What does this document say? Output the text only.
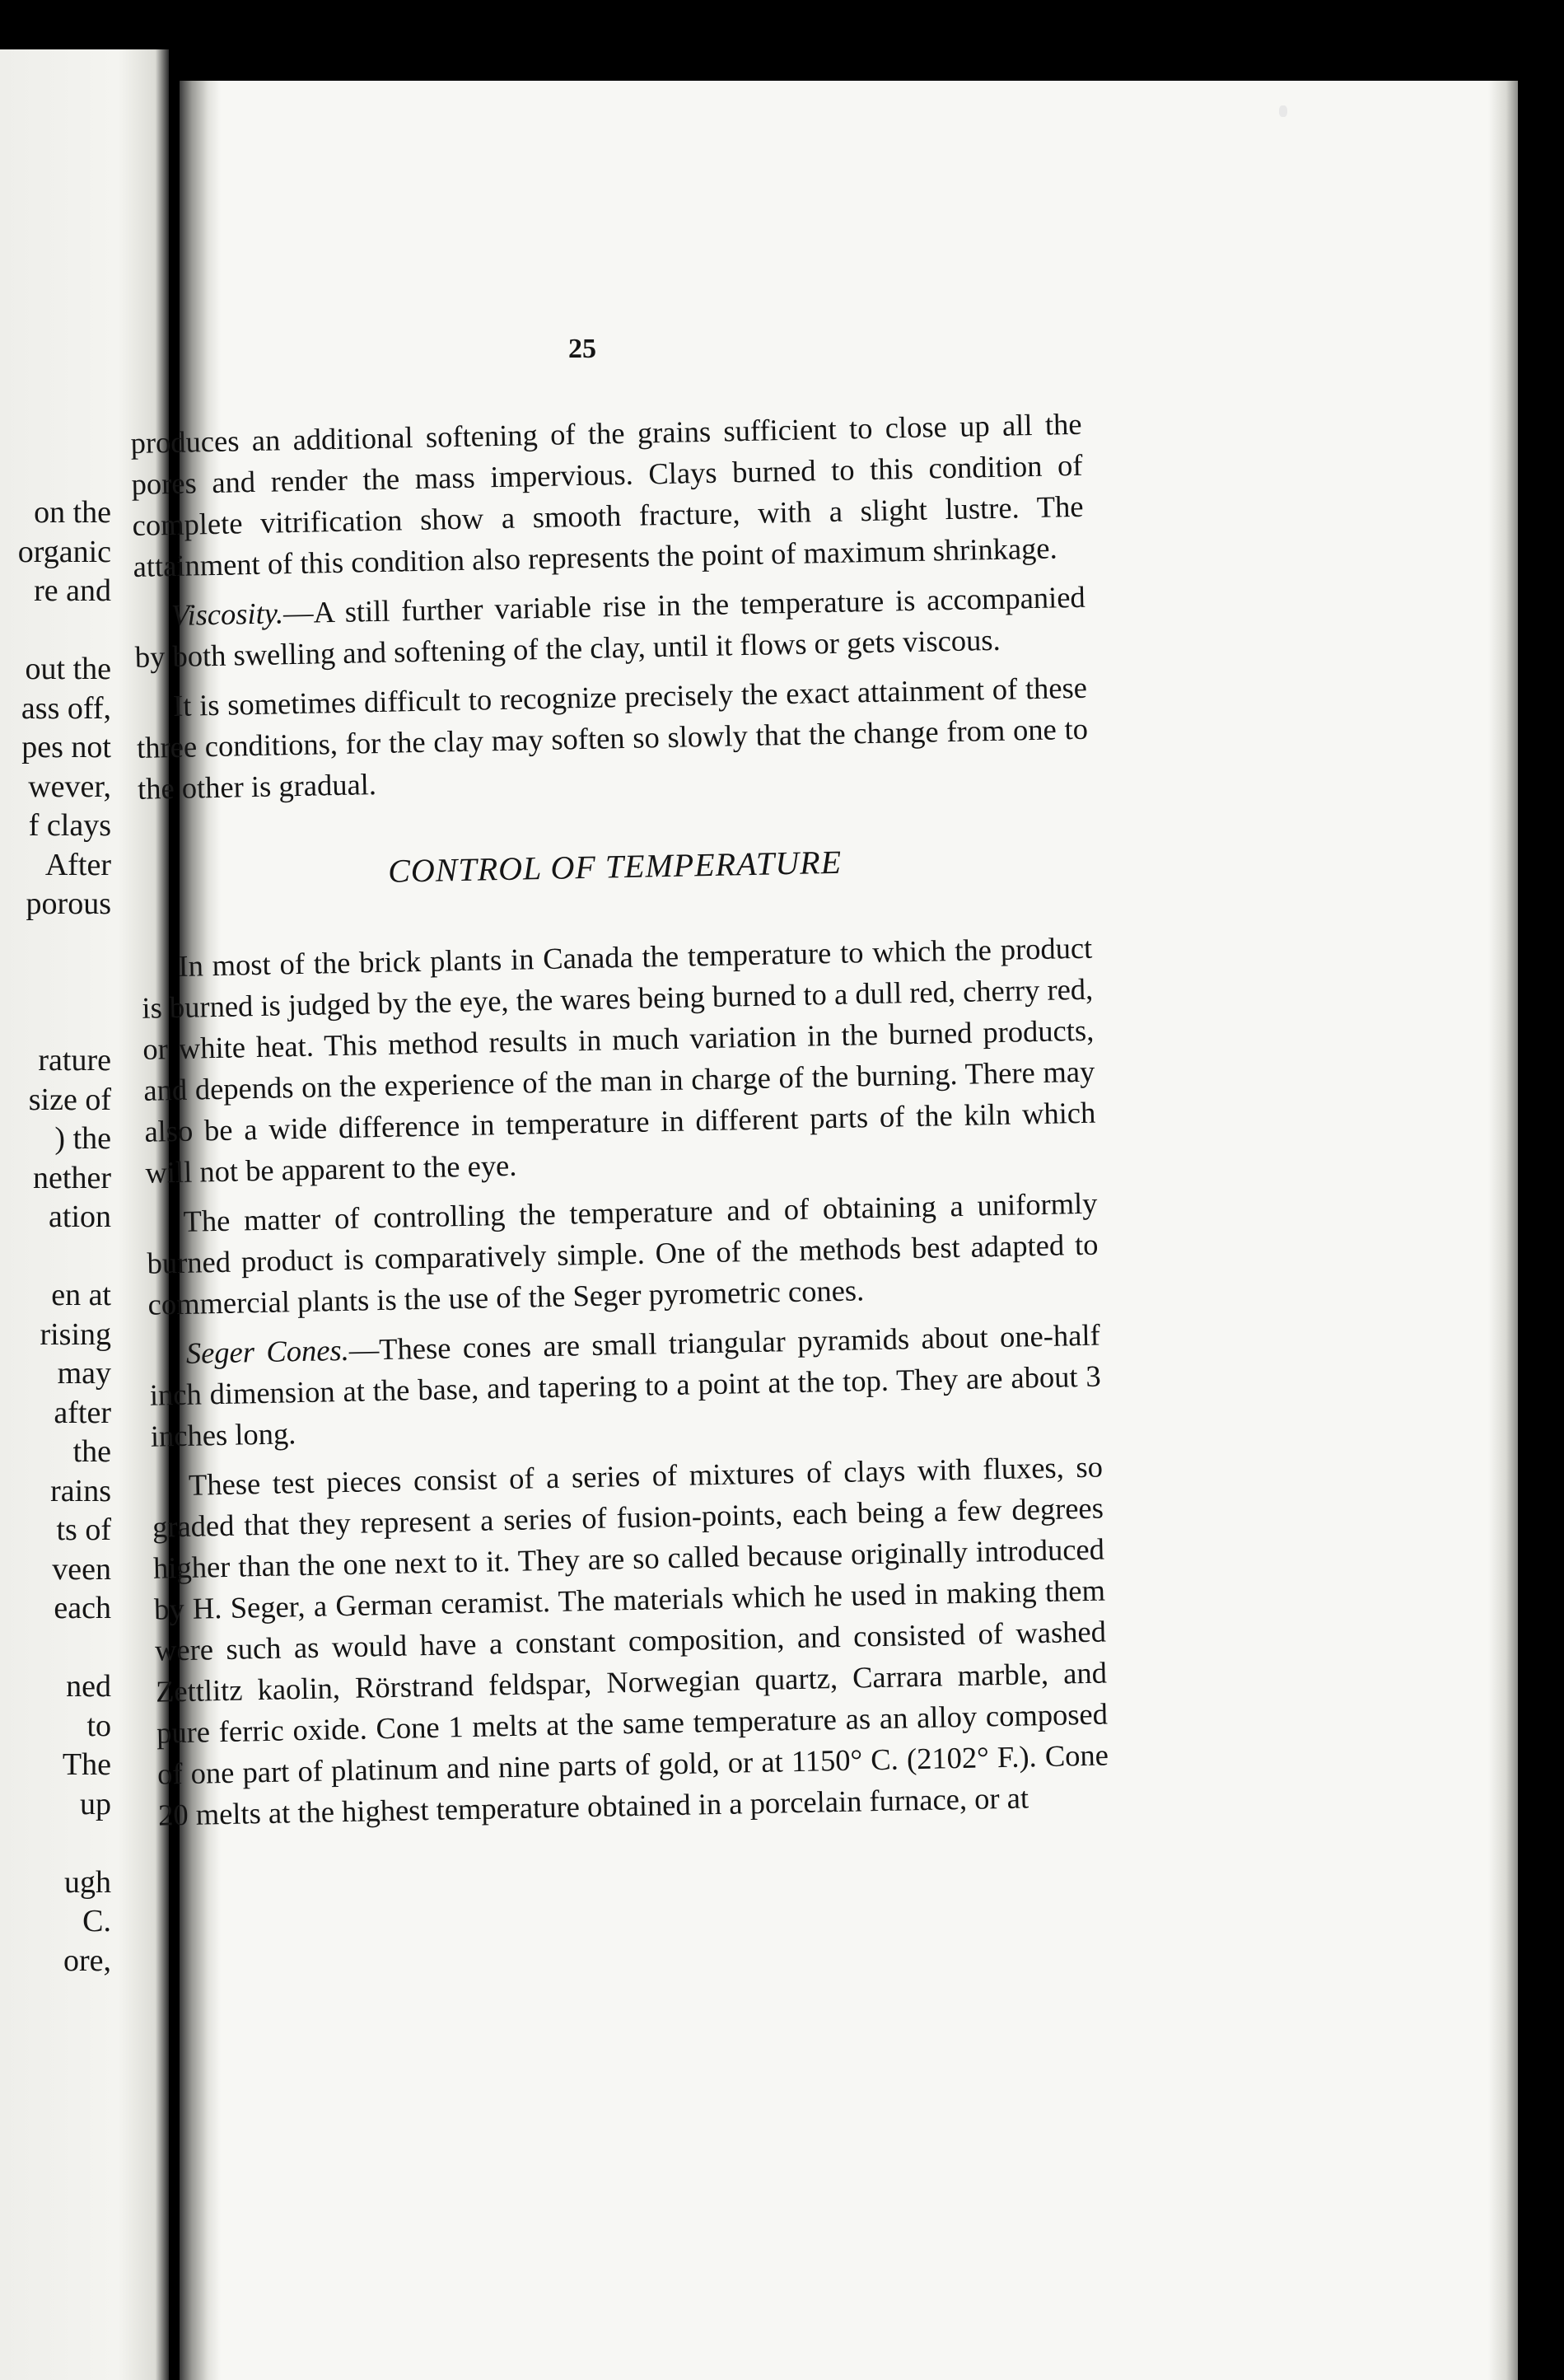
on the
organic
re and
out the
ass off,
pes not
wever,
f clays
After
porous
rature
size of
) the
nether
ation
en at
rising
may
after
the
rains
ts of
veen
each
ned
to
The
up
ugh
C.
ore,
25

produces an additional softening of the grains sufficient to close up all the pores and render the mass impervious. Clays burned to this condition of complete vitrification show a smooth fracture, with a slight lustre. The attainment of this condition also represents the point of maximum shrinkage.

Viscosity.—A still further variable rise in the temperature is accompanied by both swelling and softening of the clay, until it flows or gets viscous.

It is sometimes difficult to recognize precisely the exact attainment of these three conditions, for the clay may soften so slowly that the change from one to the other is gradual.

CONTROL OF TEMPERATURE

In most of the brick plants in Canada the temperature to which the product is burned is judged by the eye, the wares being burned to a dull red, cherry red, or white heat. This method results in much variation in the burned products, and depends on the experience of the man in charge of the burning. There may also be a wide difference in temperature in different parts of the kiln which will not be apparent to the eye.

The matter of controlling the temperature and of obtaining a uniformly burned product is comparatively simple. One of the methods best adapted to commercial plants is the use of the Seger pyrometric cones.

Seger Cones.—These cones are small triangular pyramids about one-half inch dimension at the base, and tapering to a point at the top. They are about 3 inches long.

These test pieces consist of a series of mixtures of clays with fluxes, so graded that they represent a series of fusion-points, each being a few degrees higher than the one next to it. They are so called because originally introduced by H. Seger, a German ceramist. The materials which he used in making them were such as would have a constant composition, and consisted of washed Zettlitz kaolin, Rörstrand feldspar, Norwegian quartz, Carrara marble, and pure ferric oxide. Cone 1 melts at the same temperature as an alloy composed of one part of platinum and nine parts of gold, or at 1150° C. (2102° F.). Cone 20 melts at the highest temperature obtained in a porcelain furnace, or at
